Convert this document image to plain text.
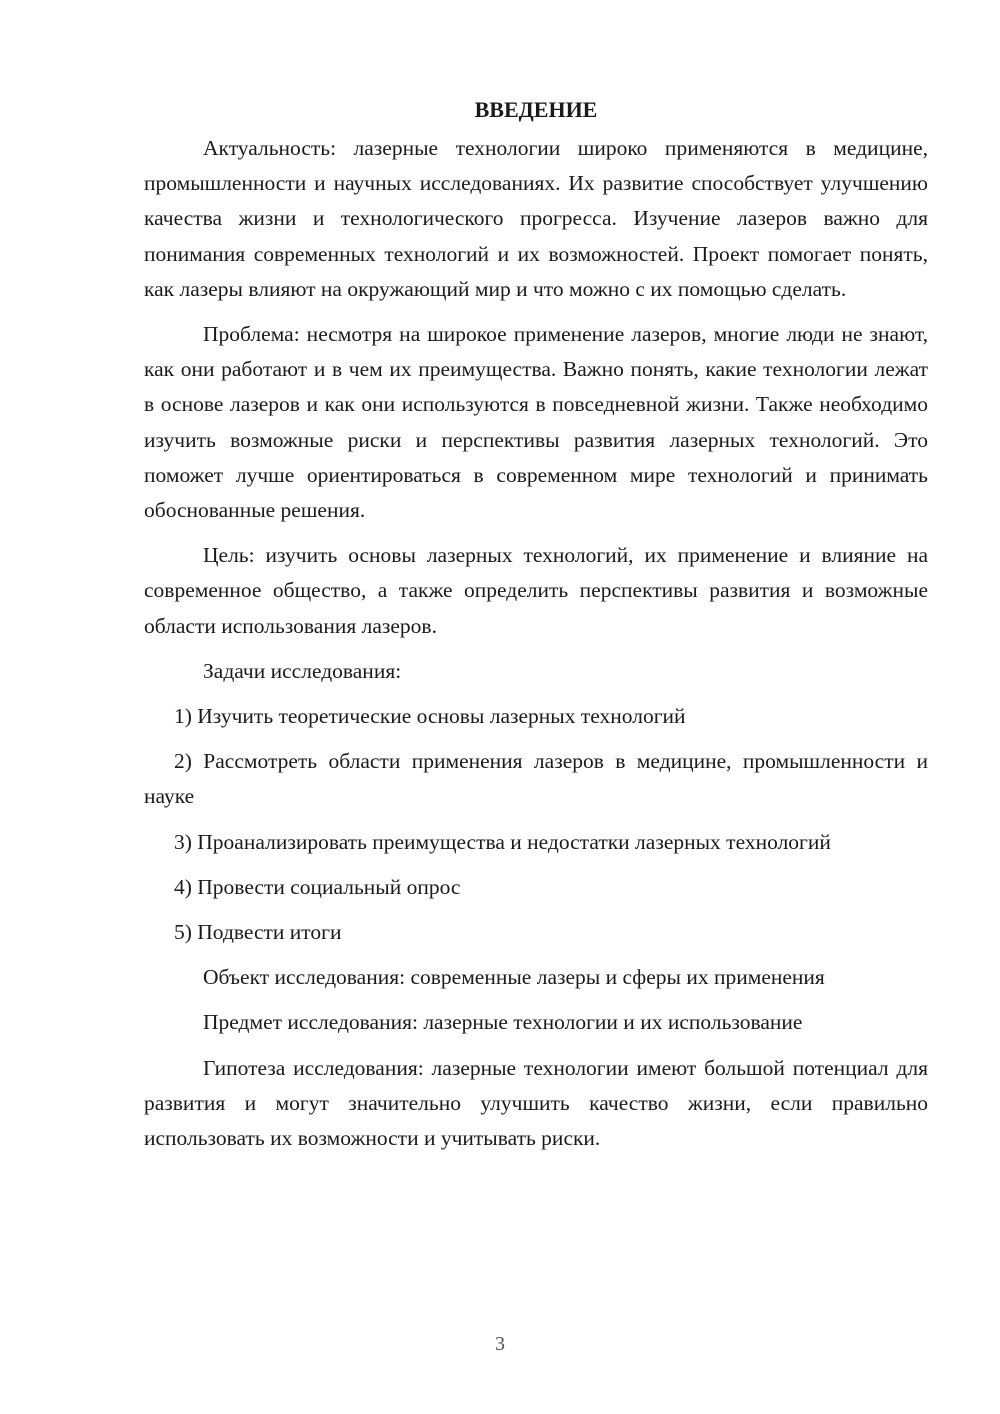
ВВЕДЕНИЕ

Актуальность: лазерные технологии широко применяются в медицине, промышленности и научных исследованиях. Их развитие способствует улучшению качества жизни и технологического прогресса. Изучение лазеров важно для понимания современных технологий и их возможностей. Проект помогает понять, как лазеры влияют на окружающий мир и что можно с их помощью сделать.

Проблема: несмотря на широкое применение лазеров, многие люди не знают, как они работают и в чем их преимущества. Важно понять, какие технологии лежат в основе лазеров и как они используются в повседневной жизни. Также необходимо изучить возможные риски и перспективы развития лазерных технологий. Это поможет лучше ориентироваться в современном мире технологий и принимать обоснованные решения.

Цель: изучить основы лазерных технологий, их применение и влияние на современное общество, а также определить перспективы развития и возможные области использования лазеров.

Задачи исследования:

1) Изучить теоретические основы лазерных технологий

2) Рассмотреть области применения лазеров в медицине, промышленности и науке

3) Проанализировать преимущества и недостатки лазерных технологий

4) Провести социальный опрос

5) Подвести итоги

Объект исследования: современные лазеры и сферы их применения

Предмет исследования: лазерные технологии и их использование

Гипотеза исследования: лазерные технологии имеют большой потенциал для развития и могут значительно улучшить качество жизни, если правильно использовать их возможности и учитывать риски.

3
